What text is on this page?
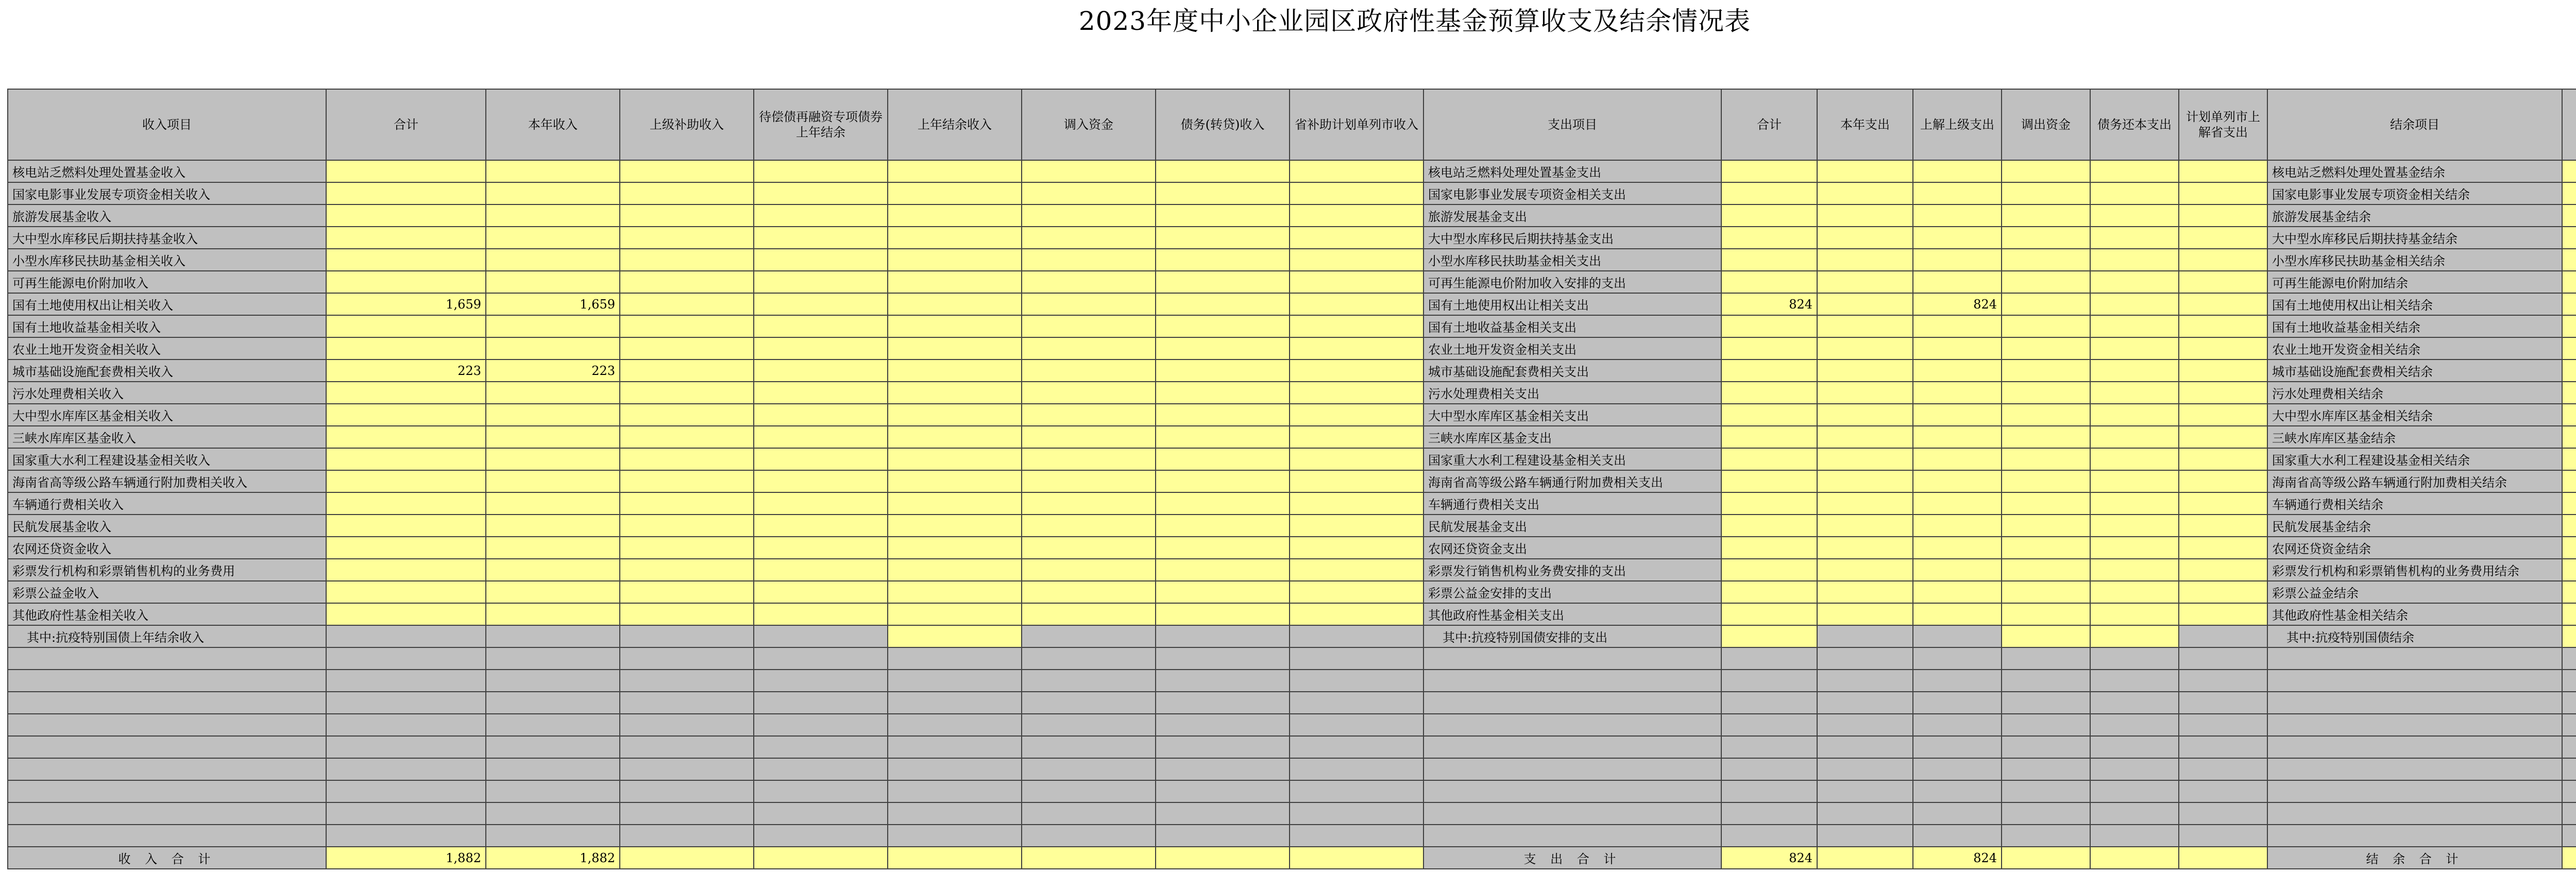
2023年度中小企业园区政府性基金预算收支及结余情况表
收入项目	合计	本年收入	上级补助收入	待偿债再融资专项债券上年结余	上年结余收入	调入资金	债务(转贷)收入	省补助计划单列市收入	支出项目	合计	本年支出	上解上级支出	调出资金	债务还本支出	计划单列市上解省支出	结余项目			
核电站乏燃料处理处置基金收入									核电站乏燃料处理处置基金支出							核电站乏燃料处理处置基金结余			
国家电影事业发展专项资金相关收入									国家电影事业发展专项资金相关支出							国家电影事业发展专项资金相关结余			
旅游发展基金收入									旅游发展基金支出							旅游发展基金结余			
大中型水库移民后期扶持基金收入									大中型水库移民后期扶持基金支出							大中型水库移民后期扶持基金结余			
小型水库移民扶助基金相关收入									小型水库移民扶助基金相关支出							小型水库移民扶助基金相关结余			
可再生能源电价附加收入									可再生能源电价附加收入安排的支出							可再生能源电价附加结余			
国有土地使用权出让相关收入	1,659	1,659							国有土地使用权出让相关支出	824		824				国有土地使用权出让相关结余			
国有土地收益基金相关收入									国有土地收益基金相关支出							国有土地收益基金相关结余			
农业土地开发资金相关收入									农业土地开发资金相关支出							农业土地开发资金相关结余			
城市基础设施配套费相关收入	223	223							城市基础设施配套费相关支出							城市基础设施配套费相关结余			
污水处理费相关收入									污水处理费相关支出							污水处理费相关结余			
大中型水库库区基金相关收入									大中型水库库区基金相关支出							大中型水库库区基金相关结余			
三峡水库库区基金收入									三峡水库库区基金支出							三峡水库库区基金结余			
国家重大水利工程建设基金相关收入									国家重大水利工程建设基金相关支出							国家重大水利工程建设基金相关结余			
海南省高等级公路车辆通行附加费相关收入									海南省高等级公路车辆通行附加费相关支出							海南省高等级公路车辆通行附加费相关结余			
车辆通行费相关收入									车辆通行费相关支出							车辆通行费相关结余			
民航发展基金收入									民航发展基金支出							民航发展基金结余			
农网还贷资金收入									农网还贷资金支出							农网还贷资金结余			
彩票发行机构和彩票销售机构的业务费用									彩票发行销售机构业务费安排的支出							彩票发行机构和彩票销售机构的业务费用结余			
彩票公益金收入									彩票公益金安排的支出							彩票公益金结余			
其他政府性基金相关收入									其他政府性基金相关支出							其他政府性基金相关结余			
其中:抗疫特别国债上年结余收入									其中:抗疫特别国债安排的支出							其中:抗疫特别国债结余			

收 入 合 计	1,882	1,882							支 出 合 计	824		824				结 余 合 计			
